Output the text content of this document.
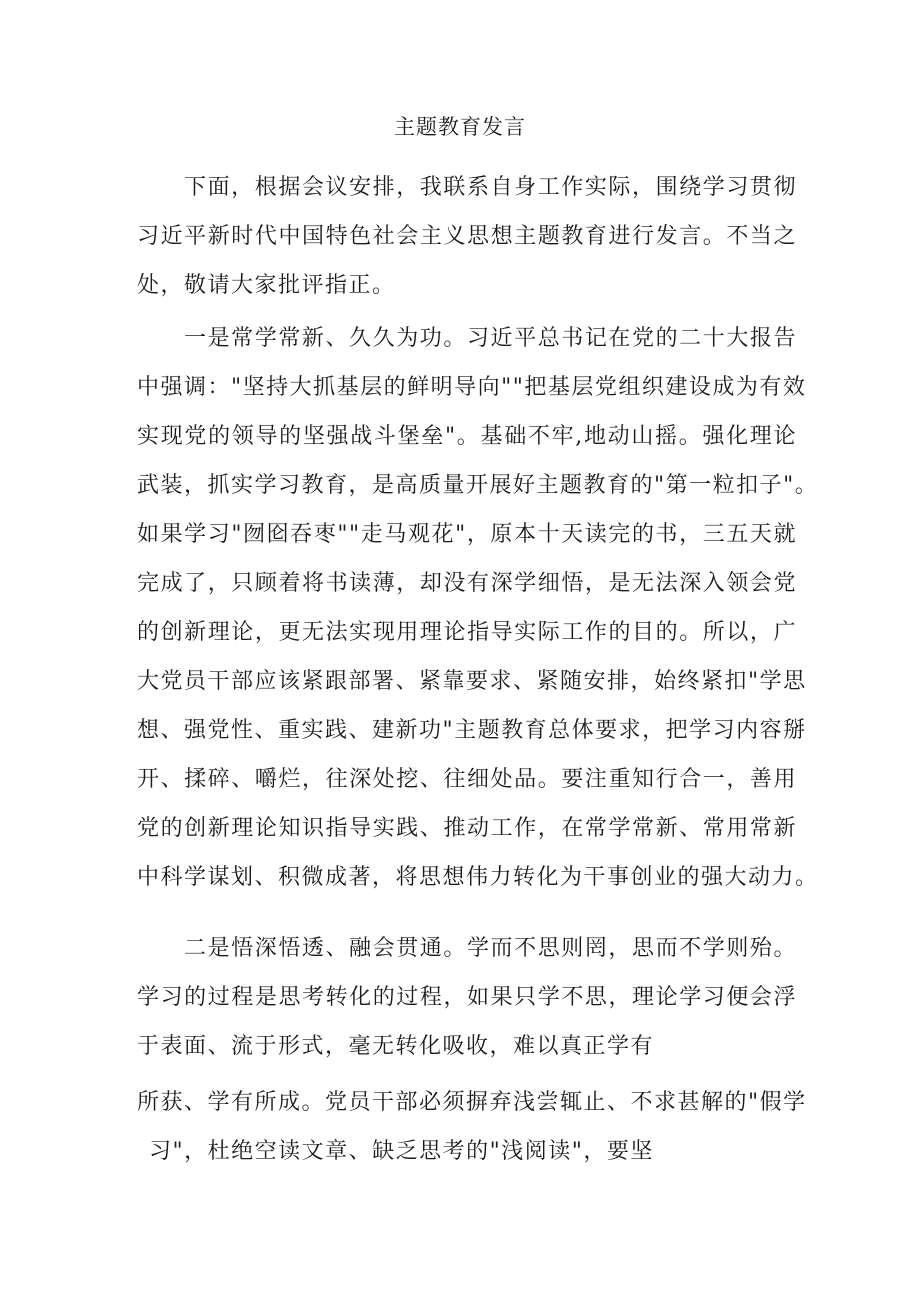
主题教育发言
下面，根据会议安排，我联系自身工作实际，围绕学习贯彻
习近平新时代中国特色社会主义思想主题教育进行发言。不当之
处，敬请大家批评指正。
一是常学常新、久久为功。习近平总书记在党的二十大报告
中强调："坚持大抓基层的鲜明导向""把基层党组织建设成为有效
实现党的领导的坚强战斗堡垒"。基础不牢,地动山摇。强化理论
武装，抓实学习教育，是高质量开展好主题教育的"第一粒扣子"。
如果学习"囫囵吞枣""走马观花"，原本十天读完的书，三五天就
完成了，只顾着将书读薄，却没有深学细悟，是无法深入领会党
的创新理论，更无法实现用理论指导实际工作的目的。所以，广
大党员干部应该紧跟部署、紧靠要求、紧随安排，始终紧扣"学思
想、强党性、重实践、建新功"主题教育总体要求，把学习内容掰
开、揉碎、嚼烂，往深处挖、往细处品。要注重知行合一，善用
党的创新理论知识指导实践、推动工作，在常学常新、常用常新
中科学谋划、积微成著，将思想伟力转化为干事创业的强大动力。
二是悟深悟透、融会贯通。学而不思则罔，思而不学则殆。
学习的过程是思考转化的过程，如果只学不思，理论学习便会浮
于表面、流于形式，毫无转化吸收，难以真正学有
所获、学有所成。党员干部必须摒弃浅尝辄止、不求甚解的"假学
习"，杜绝空读文章、缺乏思考的"浅阅读"，要坚
